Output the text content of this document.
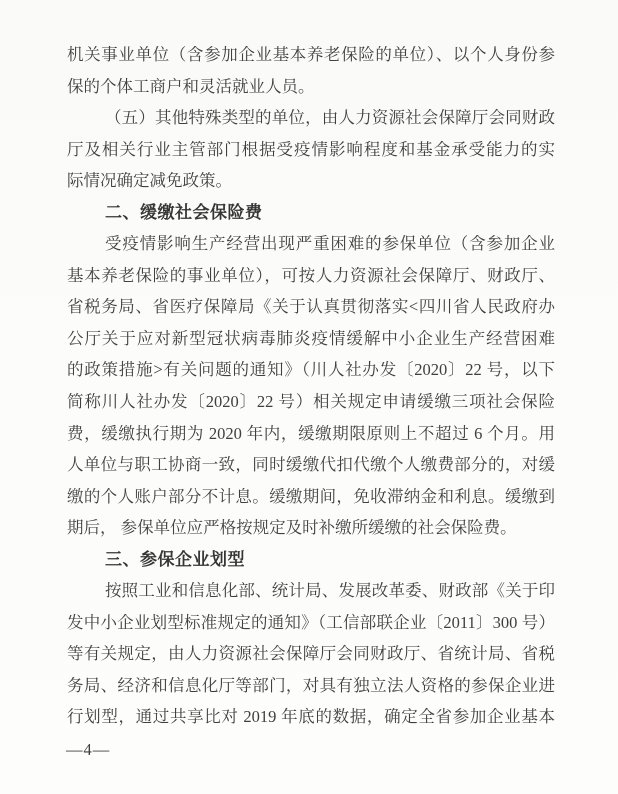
机关事业单位（含参加企业基本养老保险的单位）、以个人身份参
保的个体工商户和灵活就业人员。
（五）其他特殊类型的单位，由人力资源社会保障厅会同财政
厅及相关行业主管部门根据受疫情影响程度和基金承受能力的实
际情况确定减免政策。
二、缓缴社会保险费
受疫情影响生产经营出现严重困难的参保单位（含参加企业
基本养老保险的事业单位），可按人力资源社会保障厅、财政厅、
省税务局、省医疗保障局《关于认真贯彻落实<四川省人民政府办
公厅关于应对新型冠状病毒肺炎疫情缓解中小企业生产经营困难
的政策措施>有关问题的通知》（川人社办发〔2020〕22 号，以下
简称川人社办发〔2020〕22 号）相关规定申请缓缴三项社会保险
费，缓缴执行期为 2020 年内，缓缴期限原则上不超过 6 个月。用
人单位与职工协商一致，同时缓缴代扣代缴个人缴费部分的，对缓
缴的个人账户部分不计息。缓缴期间，免收滞纳金和利息。缓缴到
期后， 参保单位应严格按规定及时补缴所缓缴的社会保险费。
三、参保企业划型
按照工业和信息化部、统计局、发展改革委、财政部《关于印
发中小企业划型标准规定的通知》（工信部联企业〔2011〕300 号）
等有关规定，由人力资源社会保障厅会同财政厅、省统计局、省税
务局、经济和信息化厅等部门，对具有独立法人资格的参保企业进
行划型，通过共享比对 2019 年底的数据，确定全省参加企业基本
—4—
